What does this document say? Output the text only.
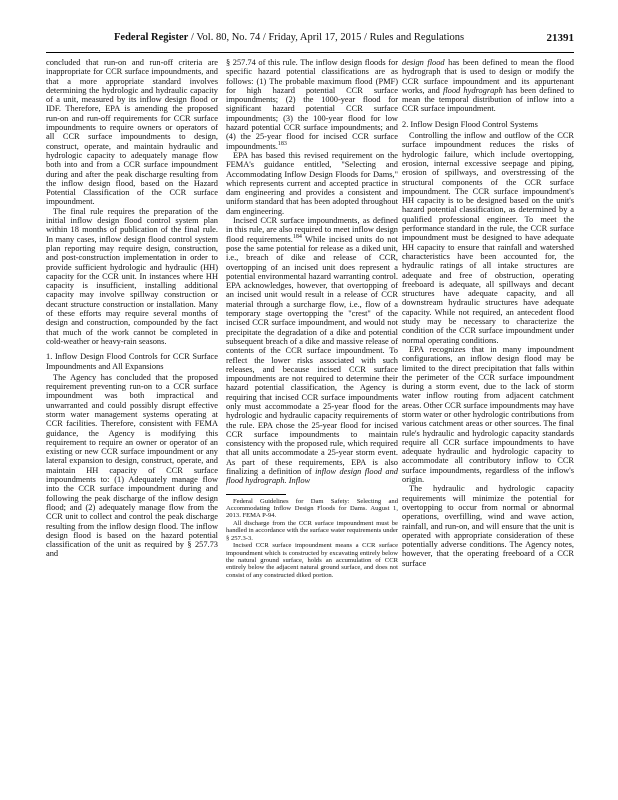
Federal Register / Vol. 80, No. 74 / Friday, April 17, 2015 / Rules and Regulations	21391

concluded that run-on and run-off criteria are inappropriate for CCR surface impoundments, and that a more appropriate standard involves determining the hydrologic and hydraulic capacity of a unit, measured by its inflow design flood or IDF. Therefore, EPA is amending the proposed run-on and run-off requirements for CCR surface impoundments to require owners or operators of all CCR surface impoundments to design, construct, operate, and maintain hydraulic and hydrologic capacity to adequately manage flow both into and from a CCR surface impoundment during and after the peak discharge resulting from the inflow design flood, based on the Hazard Potential Classification of the CCR surface impoundment.

The final rule requires the preparation of the initial inflow design flood control system plan within 18 months of publication of the final rule. In many cases, inflow design flood control system plan reporting may require design, construction, and post-construction implementation in order to provide sufficient hydrologic and hydraulic (HH) capacity for the CCR unit. In instances where HH capacity is insufficient, installing additional capacity may involve spillway construction or decant structure construction or installation. Many of these efforts may require several months of design and construction, compounded by the fact that much of the work cannot be completed in cold-weather or heavy-rain seasons.

1. Inflow Design Flood Controls for CCR Surface Impoundments and All Expansions

The Agency has concluded that the proposed requirement preventing run-on to a CCR surface impoundment was both impractical and unwarranted and could possibly disrupt effective storm water management systems operating at CCR facilities. Therefore, consistent with FEMA guidance, the Agency is modifying this requirement to require an owner or operator of an existing or new CCR surface impoundment or any lateral expansion to design, construct, operate, and maintain HH capacity of CCR surface impoundments to: (1) Adequately manage flow into the CCR surface impoundment during and following the peak discharge of the inflow design flood; and (2) adequately manage flow from the CCR unit to collect and control the peak discharge resulting from the inflow design flood. The inflow design flood is based on the hazard potential classification of the unit as required by § 257.73 and

§ 257.74 of this rule. The inflow design floods for specific hazard potential classifications are as follows: (1) The probable maximum flood (PMF) for high hazard potential CCR surface impoundments; (2) the 1000-year flood for significant hazard potential CCR surface impoundments; (3) the 100-year flood for low hazard potential CCR surface impoundments; and (4) the 25-year flood for incised CCR surface impoundments.$^{183}$

EPA has based this revised requirement on the FEMA's guidance entitled, "Selecting and Accommodating Inflow Design Floods for Dams," which represents current and accepted practice in dam engineering and provides a consistent and uniform standard that has been adopted throughout dam engineering.

Incised CCR surface impoundments, as defined in this rule, are also required to meet inflow design flood requirements.$^{184}$ While incised units do not pose the same potential for release as a diked unit, i.e., breach of dike and release of CCR, overtopping of an incised unit does represent a potential environmental hazard warranting control. EPA acknowledges, however, that overtopping of an incised unit would result in a release of CCR material through a surcharge flow, i.e., flow of a temporary stage overtopping the "crest" of the incised CCR surface impoundment, and would not precipitate the degradation of a dike and potential subsequent breach of a dike and massive release of contents of the CCR surface impoundment. To reflect the lower risks associated with such releases, and because incised CCR surface impoundments are not required to determine their hazard potential classification, the Agency is requiring that incised CCR surface impoundments only must accommodate a 25-year flood for the hydrologic and hydraulic capacity requirements of the rule. EPA chose the 25-year flood for incised CCR surface impoundments to maintain consistency with the proposed rule, which required that all units accommodate a 25-year storm event. As part of these requirements, EPA is also finalizing a definition of inflow design flood and flood hydrograph. Inflow

Federal Guidelines for Dam Safety: Selecting and Accommodating Inflow Design Floods for Dams. August 1, 2013. FEMA P-94.

All discharge from the CCR surface impoundment must be handled in accordance with the surface water requirements under § 257.3-3.

Incised CCR surface impoundment means a CCR surface impoundment which is constructed by excavating entirely below the natural ground surface, holds an accumulation of CCR entirely below the adjacent natural ground surface, and does not consist of any constructed diked portion.

design flood has been defined to mean the flood hydrograph that is used to design or modify the CCR surface impoundment and its appurtenant works, and flood hydrograph has been defined to mean the temporal distribution of inflow into a CCR surface impoundment.

2. Inflow Design Flood Control Systems

Controlling the inflow and outflow of the CCR surface impoundment reduces the risks of hydrologic failure, which include overtopping, erosion, internal excessive seepage and piping, erosion of spillways, and overstressing of the structural components of the CCR surface impoundment. The CCR surface impoundment's HH capacity is to be designed based on the unit's hazard potential classification, as determined by a qualified professional engineer. To meet the performance standard in the rule, the CCR surface impoundment must be designed to have adequate HH capacity to ensure that rainfall and watershed characteristics have been accounted for, the hydraulic ratings of all intake structures are adequate and free of obstruction, operating freeboard is adequate, all spillways and decant structures have adequate capacity, and all downstream hydraulic structures have adequate capacity. While not required, an antecedent flood study may be necessary to characterize the condition of the CCR surface impoundment under normal operating conditions.

EPA recognizes that in many impoundment configurations, an inflow design flood may be limited to the direct precipitation that falls within the perimeter of the CCR surface impoundment during a storm event, due to the lack of storm water inflow routing from adjacent catchment areas. Other CCR surface impoundments may have storm water or other hydrologic contributions from various catchment areas or other sources. The final rule's hydraulic and hydrologic capacity standards require all CCR surface impoundments to have adequate hydraulic and hydrologic capacity to accommodate all contributory inflow to CCR surface impoundments, regardless of the inflow's origin.

The hydraulic and hydrologic capacity requirements will minimize the potential for overtopping to occur from normal or abnormal operations, overfilling, wind and wave action, rainfall, and run-on, and will ensure that the unit is operated with appropriate consideration of these potentially adverse conditions. The Agency notes, however, that the operating freeboard of a CCR surface
